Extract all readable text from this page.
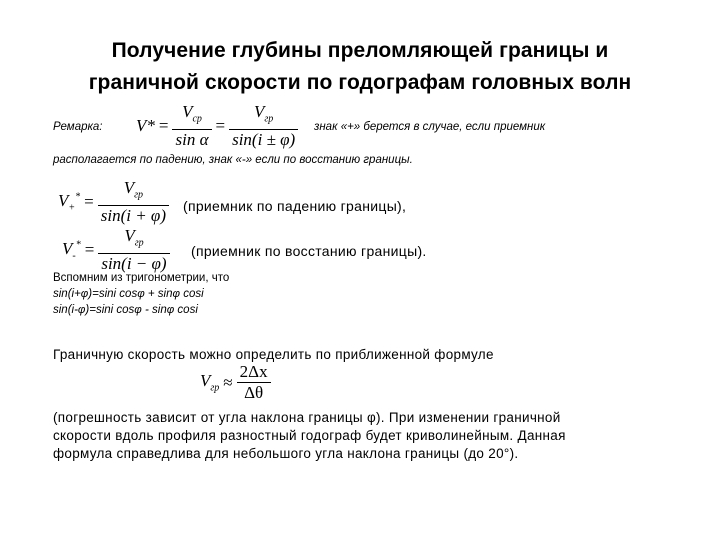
Получение глубины преломляющей границы и
граничной скорости по годографам головных волн
Ремарка: $V* = \frac{V_{cp}}{\text{sin α}} = \frac{V_{гр}}{\sin(i \pm \varphi)}$ знак «+» берется в случае, если приемник
располагается по падению, знак «-» если по восстанию границы.
$V_+^* = \frac{V_{гр}}{\sin(i + \varphi)}$ (приемник по падению границы),
$V_-^* = \frac{V_{гр}}{\sin(i - \varphi)}$ (приемник по восстанию границы).
Вспомним из тригонометрии, что
sin(i+φ)=sini cosφ + sinφ cosi
sin(i-φ)=sini cosφ - sinφ cosi
Граничную скорость можно определить по приближенной формуле
$V_{гр} \approx \frac{2\Delta x}{\Delta\theta}$
(погрешность зависит от угла наклона границы φ). При изменении граничной
скорости вдоль профиля разностный годограф будет криволинейным. Данная
формула справедлива для небольшого угла наклона границы (до 20°).
